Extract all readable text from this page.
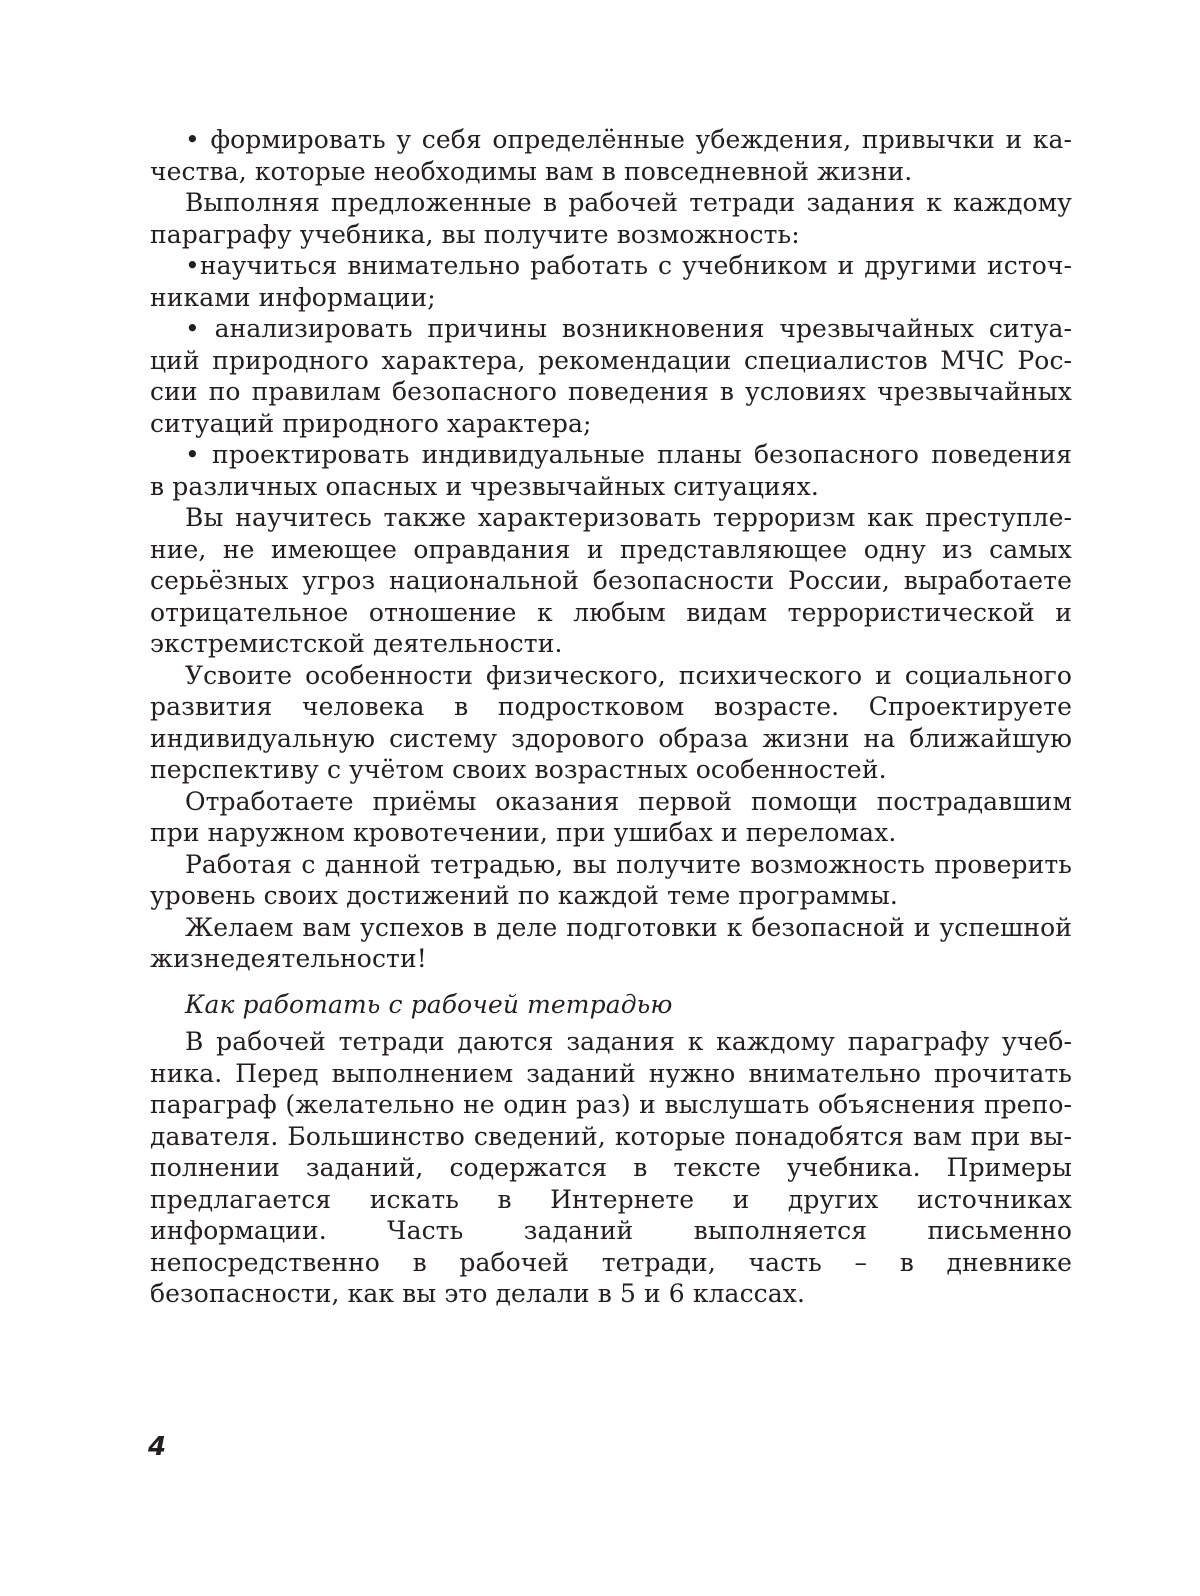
• формировать у себя определённые убеждения, привычки и качества, которые необходимы вам в повседневной жизни.

Выполняя предложенные в рабочей тетради задания к каждому параграфу учебника, вы получите возможность:

•научиться внимательно работать с учебником и другими источниками информации;

• анализировать причины возникновения чрезвычайных ситуаций природного характера, рекомендации специалистов МЧС России по правилам безопасного поведения в условиях чрезвычайных ситуаций природного характера;

• проектировать индивидуальные планы безопасного поведения в различных опасных и чрезвычайных ситуациях.

Вы научитесь также характеризовать терроризм как преступление, не имеющее оправдания и представляющее одну из самых серьёзных угроз национальной безопасности России, выработаете отрицательное отношение к любым видам террористической и экстремистской деятельности.

Усвоите особенности физического, психического и социального развития человека в подростковом возрасте. Спроектируете индивидуальную систему здорового образа жизни на ближайшую перспективу с учётом своих возрастных особенностей.

Отработаете приёмы оказания первой помощи пострадавшим при наружном кровотечении, при ушибах и переломах.

Работая с данной тетрадью, вы получите возможность проверить уровень своих достижений по каждой теме программы.

Желаем вам успехов в деле подготовки к безопасной и успешной жизнедеятельности!

Как работать с рабочей тетрадью

В рабочей тетради даются задания к каждому параграфу учебника. Перед выполнением заданий нужно внимательно прочитать параграф (желательно не один раз) и выслушать объяснения преподавателя. Большинство сведений, которые понадобятся вам при выполнении заданий, содержатся в тексте учебника. Примеры предлагается искать в Интернете и других источниках информации. Часть заданий выполняется письменно непосредственно в рабочей тетради, часть – в дневнике безопасности, как вы это делали в 5 и 6 классах.

4
